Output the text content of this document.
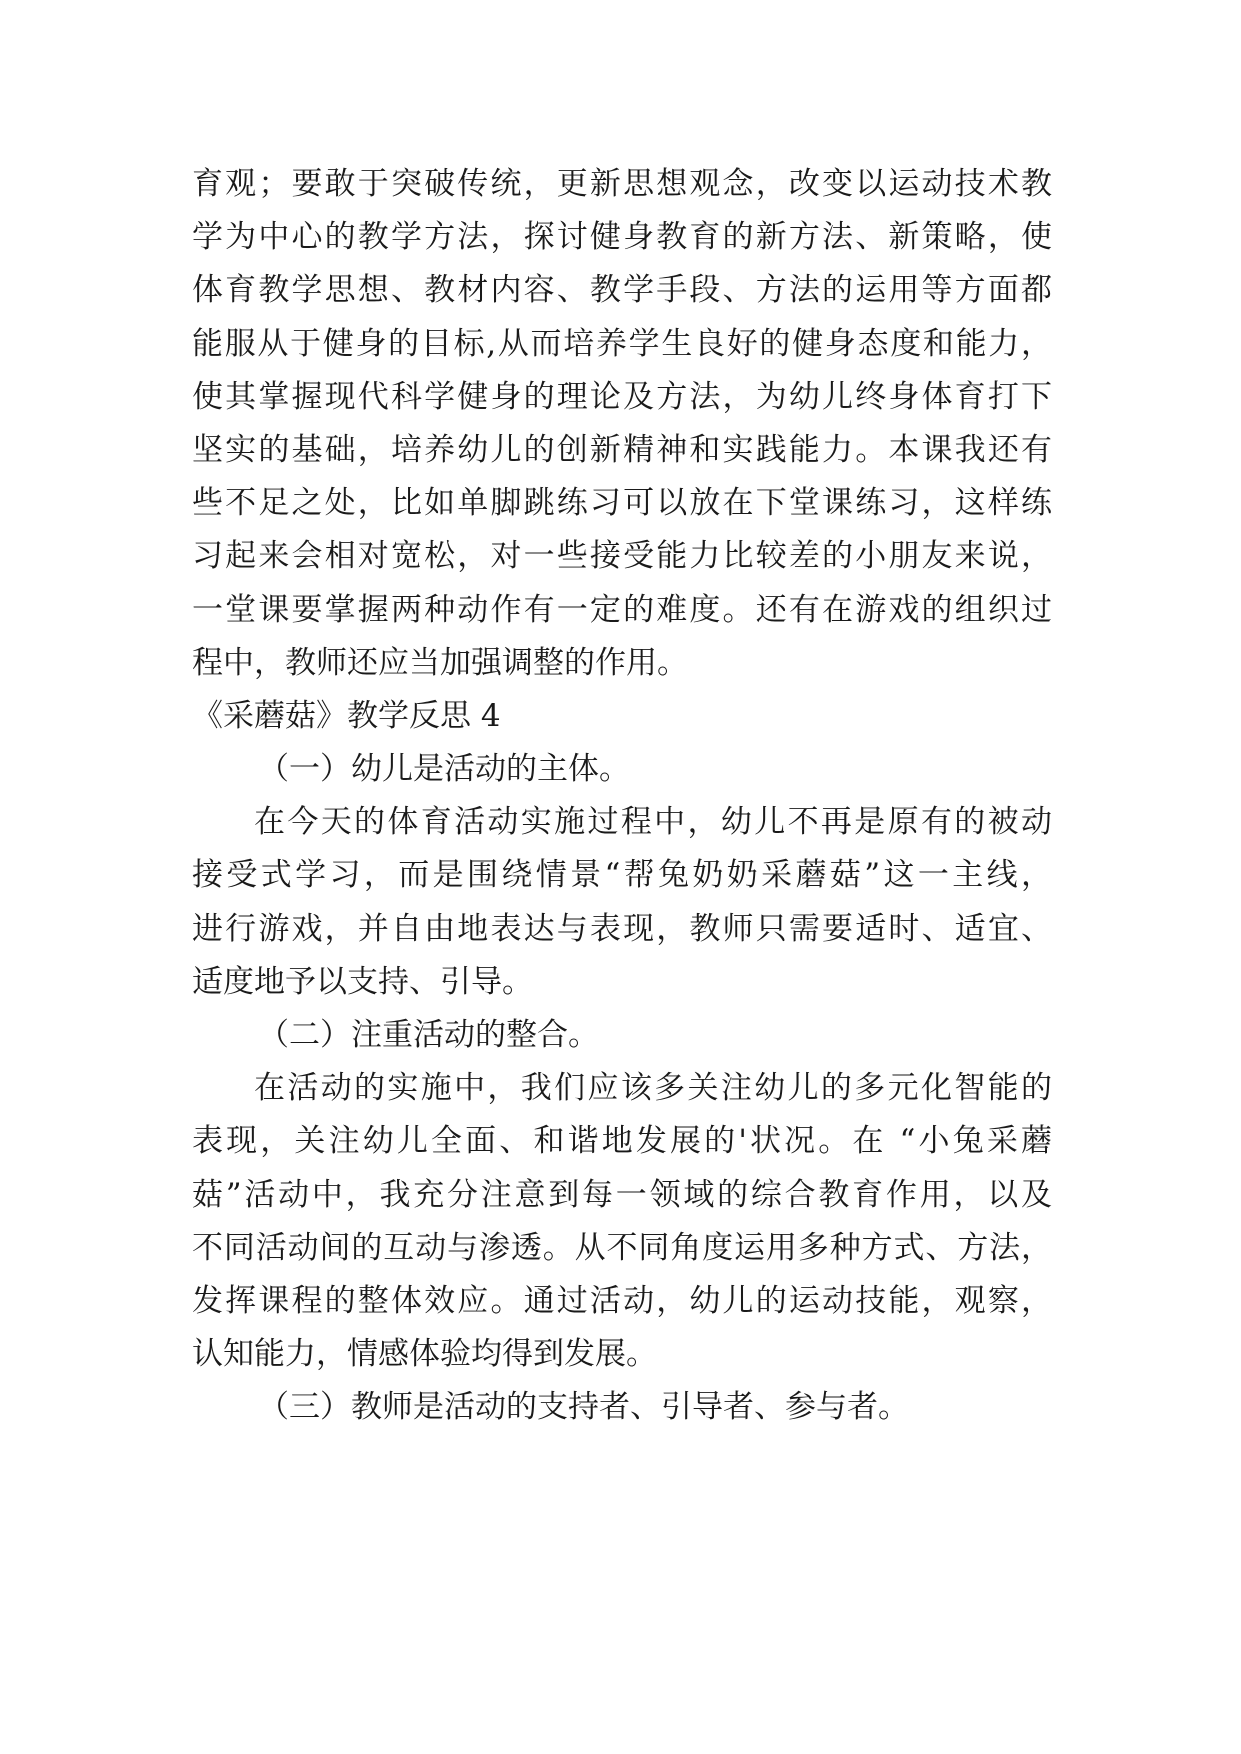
育观；要敢于突破传统，更新思想观念，改变以运动技术教
学为中心的教学方法，探讨健身教育的新方法、新策略，使
体育教学思想、教材内容、教学手段、方法的运用等方面都
能服从于健身的目标,从而培养学生良好的健身态度和能力，
使其掌握现代科学健身的理论及方法，为幼儿终身体育打下
坚实的基础，培养幼儿的创新精神和实践能力。本课我还有
些不足之处，比如单脚跳练习可以放在下堂课练习，这样练
习起来会相对宽松，对一些接受能力比较差的小朋友来说，
一堂课要掌握两种动作有一定的难度。还有在游戏的组织过
程中，教师还应当加强调整的作用。
《采蘑菇》教学反思 4
（一）幼儿是活动的主体。
在今天的体育活动实施过程中，幼儿不再是原有的被动
接受式学习，而是围绕情景“帮兔奶奶采蘑菇”这一主线，
进行游戏，并自由地表达与表现，教师只需要适时、适宜、
适度地予以支持、引导。
（二）注重活动的整合。
在活动的实施中，我们应该多关注幼儿的多元化智能的
表现，关注幼儿全面、和谐地发展的'状况。在 “小兔采蘑
菇”活动中，我充分注意到每一领域的综合教育作用，以及
不同活动间的互动与渗透。从不同角度运用多种方式、方法，
发挥课程的整体效应。通过活动，幼儿的运动技能，观察，
认知能力，情感体验均得到发展。
（三）教师是活动的支持者、引导者、参与者。
